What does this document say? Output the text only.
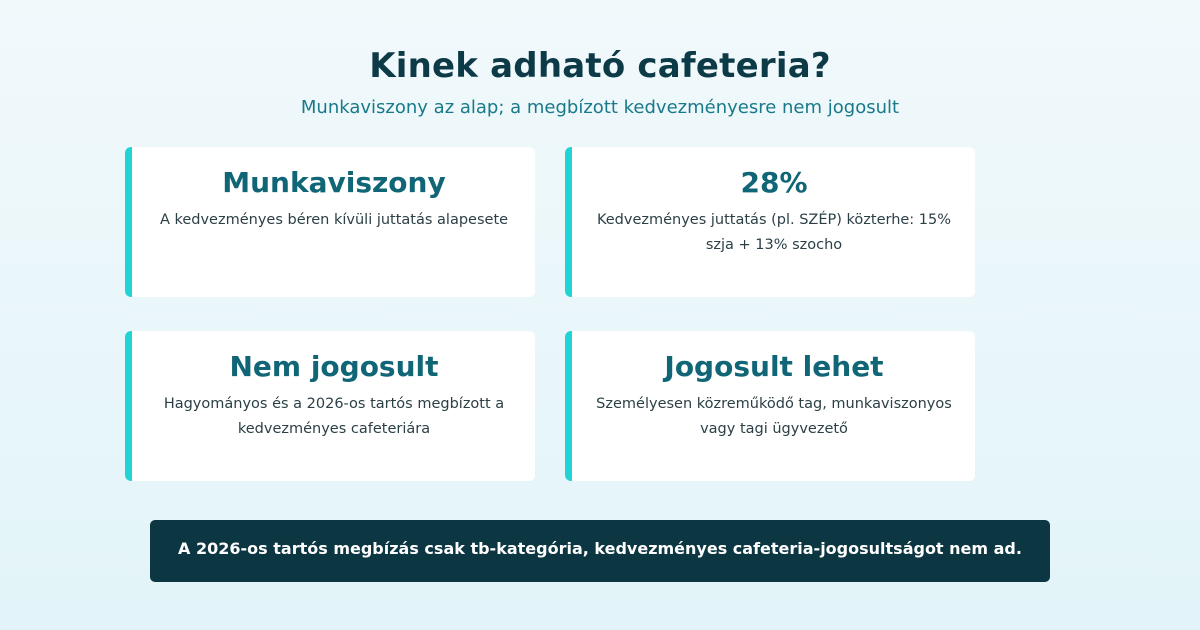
Kinek adható cafeteria?
Munkaviszony az alap; a megbízott kedvezményesre nem jogosult
Munkaviszony
A kedvezményes béren kívüli juttatás alapesete
28%
Kedvezményes juttatás (pl. SZÉP) közterhe: 15% szja + 13% szocho
Nem jogosult
Hagyományos és a 2026-os tartós megbízott a kedvezményes cafeteriára
Jogosult lehet
Személyesen közreműködő tag, munkaviszonyos vagy tagi ügyvezető
A 2026-os tartós megbízás csak tb-kategória, kedvezményes cafeteria-jogosultságot nem ad.
